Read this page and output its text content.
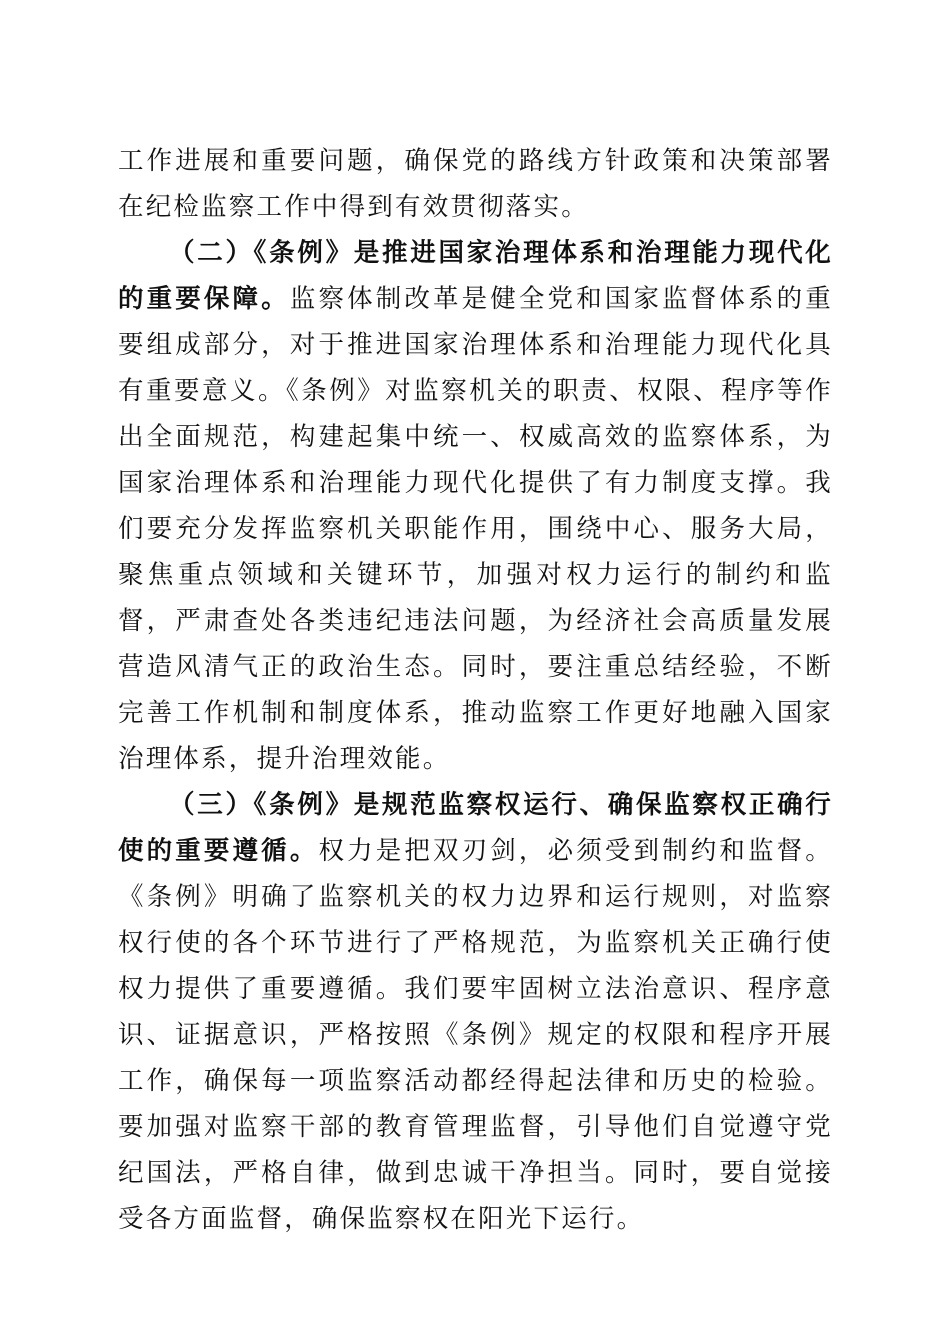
工作进展和重要问题，确保党的路线方针政策和决策部署在纪检监察工作中得到有效贯彻落实。

（二）《条例》是推进国家治理体系和治理能力现代化的重要保障。监察体制改革是健全党和国家监督体系的重要组成部分，对于推进国家治理体系和治理能力现代化具有重要意义。《条例》对监察机关的职责、权限、程序等作出全面规范，构建起集中统一、权威高效的监察体系，为国家治理体系和治理能力现代化提供了有力制度支撑。我们要充分发挥监察机关职能作用，围绕中心、服务大局，聚焦重点领域和关键环节，加强对权力运行的制约和监督，严肃查处各类违纪违法问题，为经济社会高质量发展营造风清气正的政治生态。同时，要注重总结经验，不断完善工作机制和制度体系，推动监察工作更好地融入国家治理体系，提升治理效能。

（三）《条例》是规范监察权运行、确保监察权正确行使的重要遵循。权力是把双刃剑，必须受到制约和监督。《条例》明确了监察机关的权力边界和运行规则，对监察权行使的各个环节进行了严格规范，为监察机关正确行使权力提供了重要遵循。我们要牢固树立法治意识、程序意识、证据意识，严格按照《条例》规定的权限和程序开展工作，确保每一项监察活动都经得起法律和历史的检验。要加强对监察干部的教育管理监督，引导他们自觉遵守党纪国法，严格自律，做到忠诚干净担当。同时，要自觉接受各方面监督，确保监察权在阳光下运行。
